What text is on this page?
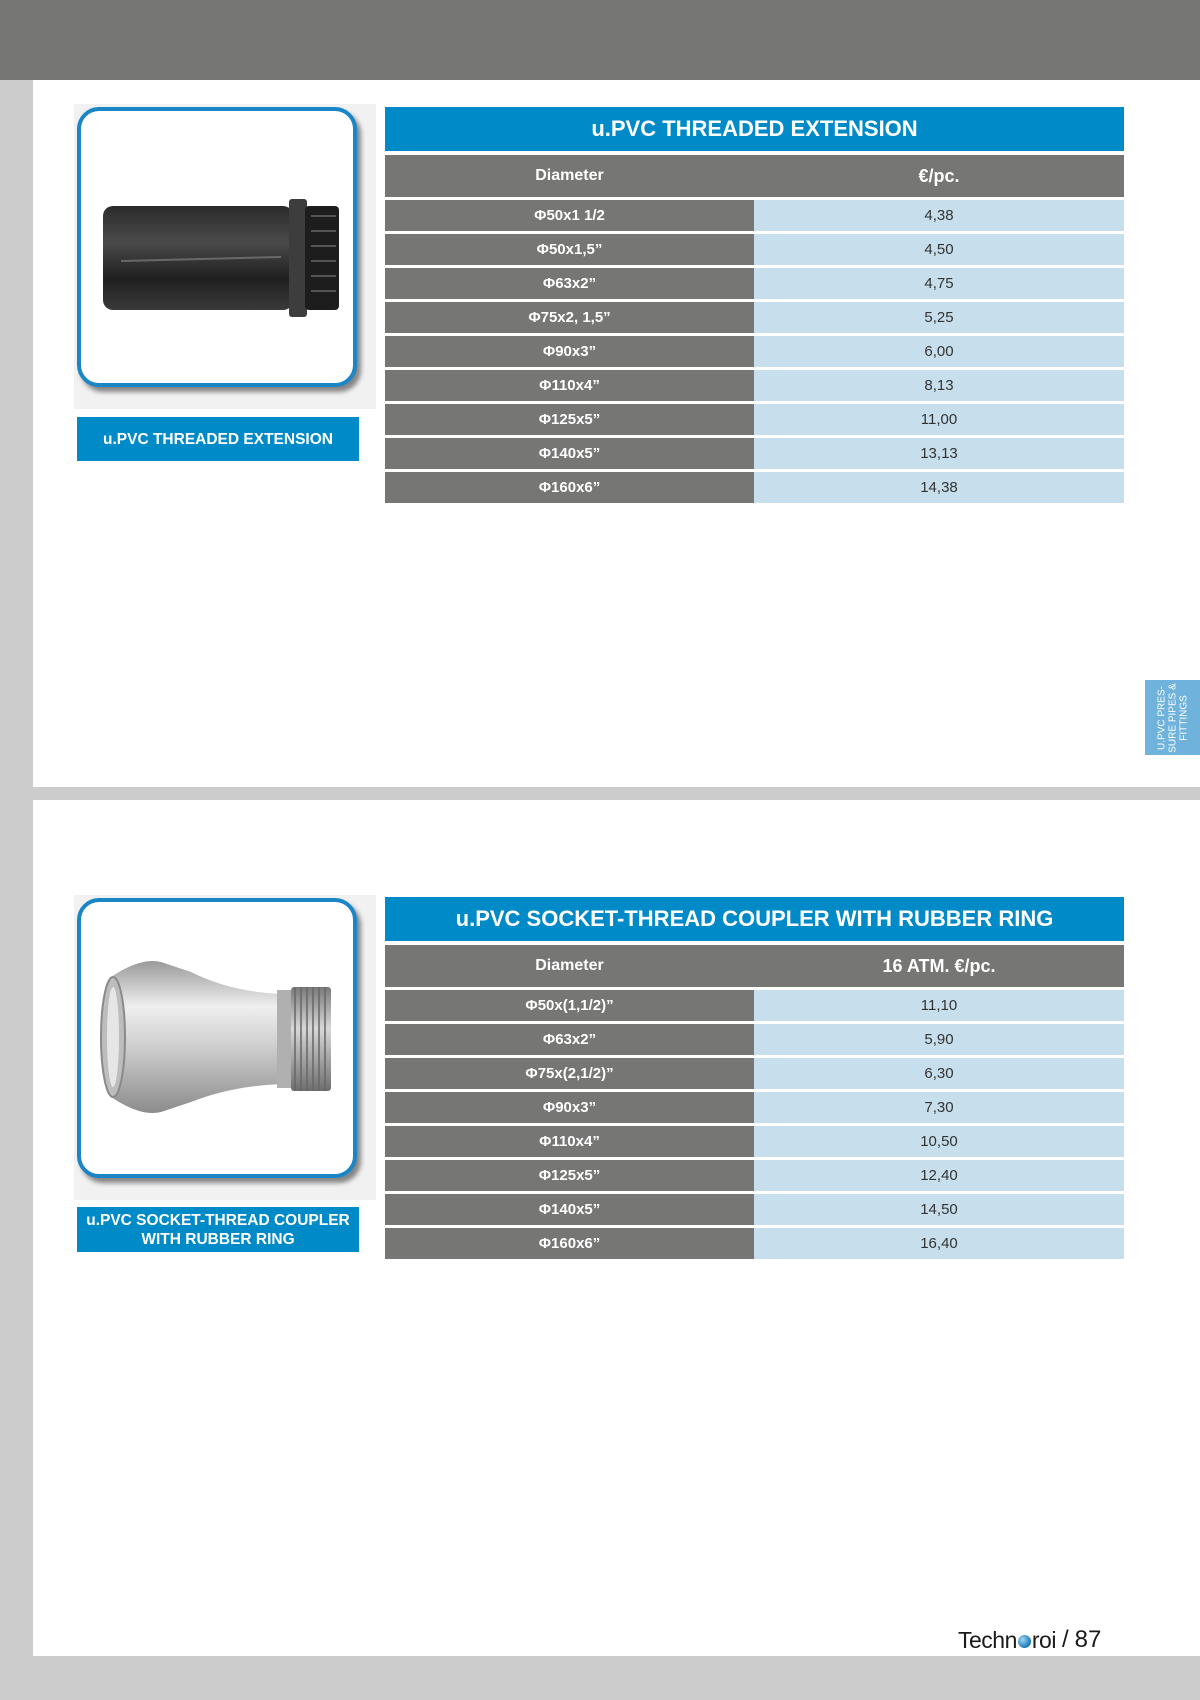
u.PVC THREADED EXTENSION
u.PVC THREADED EXTENSION
Diameter	€/pc.
Φ50x1 1/2	4,38
Φ50x1,5”	4,50
Φ63x2”	4,75
Φ75x2, 1,5”	5,25
Φ90x3”	6,00
Φ110x4”	8,13
Φ125x5”	11,00
Φ140x5”	13,13
Φ160x6”	14,38
U.PVC PRES-SURE PIPES & FITTINGS
u.PVC SOCKET-THREAD COUPLER WITH RUBBER RING
u.PVC SOCKET-THREAD COUPLER WITH RUBBER RING
Diameter	16 ATM. €/pc.
Φ50x(1,1/2)”	11,10
Φ63x2”	5,90
Φ75x(2,1/2)”	6,30
Φ90x3”	7,30
Φ110x4”	10,50
Φ125x5”	12,40
Φ140x5”	14,50
Φ160x6”	16,40
Techn roi / 87
